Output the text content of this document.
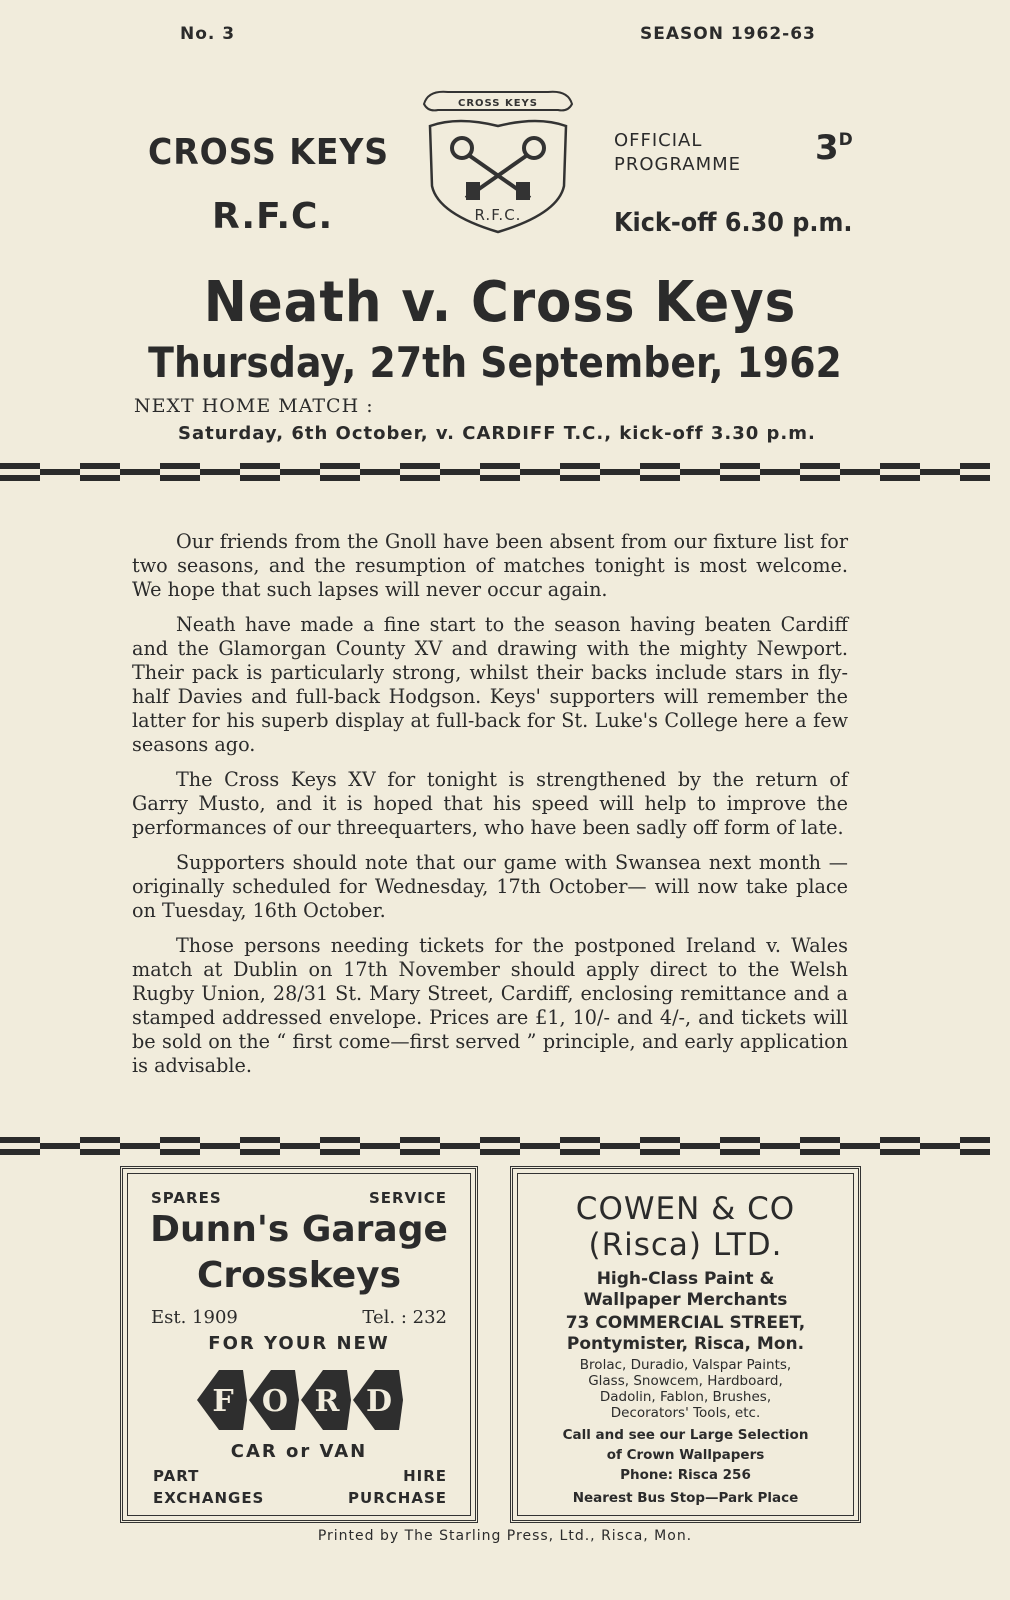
No. 3	SEASON 1962-63
CROSS KEYS
R.F.C.
CROSS KEYS
R.F.C.
OFFICIAL
PROGRAMME $3^D$
Kick-off 6.30 p.m.
Neath v. Cross Keys
Thursday, 27th September, 1962
NEXT HOME MATCH :
Saturday, 6th October, v. CARDIFF T.C., kick-off 3.30 p.m.

Our friends from the Gnoll have been absent from our fixture list for two seasons, and the resumption of matches tonight is most welcome. We hope that such lapses will never occur again.

Neath have made a fine start to the season having beaten Cardiff and the Glamorgan County XV and drawing with the mighty Newport. Their pack is particularly strong, whilst their backs include stars in fly-half Davies and full-back Hodgson. Keys' supporters will remember the latter for his superb display at full-back for St. Luke's College here a few seasons ago.

The Cross Keys XV for tonight is strengthened by the return of Garry Musto, and it is hoped that his speed will help to improve the performances of our threequarters, who have been sadly off form of late.

Supporters should note that our game with Swansea next month —originally scheduled for Wednesday, 17th October— will now take place on Tuesday, 16th October.

Those persons needing tickets for the postponed Ireland v. Wales match at Dublin on 17th November should apply direct to the Welsh Rugby Union, 28/31 St. Mary Street, Cardiff, enclosing remittance and a stamped addressed envelope. Prices are £1, 10/- and 4/-, and tickets will be sold on the “ first come—first served ” principle, and early application is advisable.

SPARES	SERVICE
Dunn's Garage
Crosskeys
Est. 1909	Tel. : 232
FOR YOUR NEW
F O R D
CAR or VAN
PART
EXCHANGES
HIRE
PURCHASE
COWEN & CO
(Risca) LTD.
High-Class Paint &
Wallpaper Merchants
73 COMMERCIAL STREET,
Pontymister, Risca, Mon.
Brolac, Duradio, Valspar Paints,
Glass, Snowcem, Hardboard,
Dadolin, Fablon, Brushes,
Decorators' Tools, etc.
Call and see our Large Selection
of Crown Wallpapers
Phone: Risca 256
Nearest Bus Stop—Park Place
Printed by The Starling Press, Ltd., Risca, Mon.
